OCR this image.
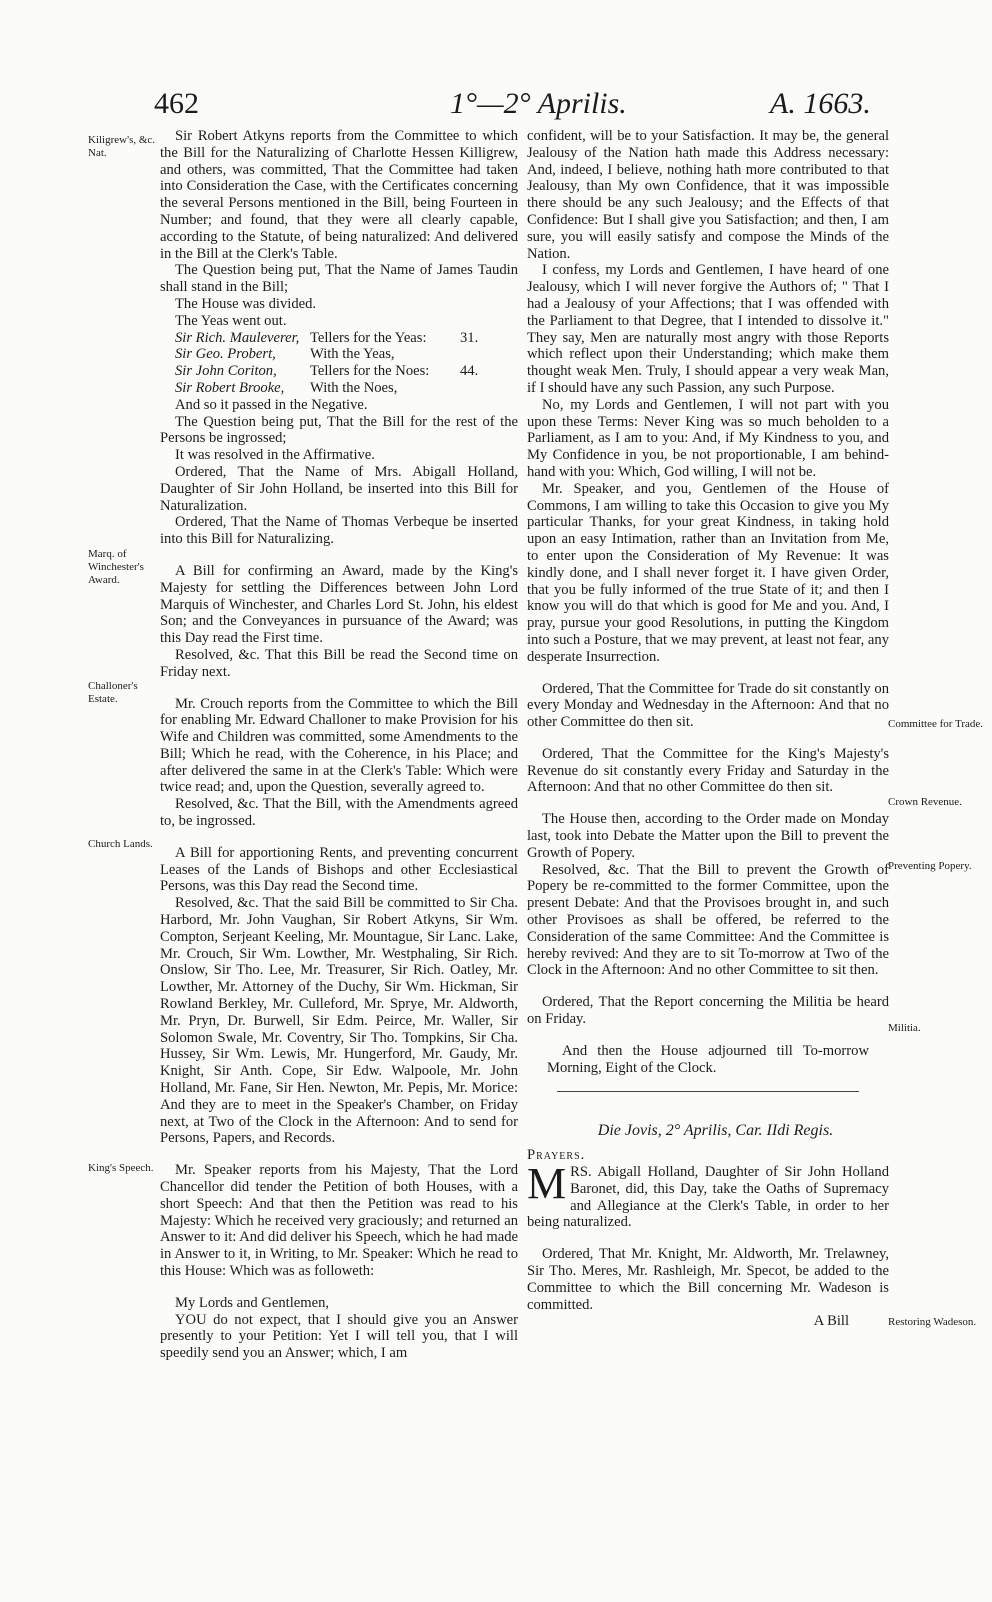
462	1°—2° Aprilis.	A. 1663.
Kiligrew's, &c. Nat.
Marq. of Winchester's Award.
Challoner's Estate.
Church Lands.
King's Speech.
Committee for Trade.
Crown Revenue.
Preventing Popery.
Militia.
Restoring Wadeson.

Sir Robert Atkyns reports from the Committee to which the Bill for the Naturalizing of Charlotte Hessen Killigrew, and others, was committed, That the Committee had taken into Consideration the Case, with the Certificates concerning the several Persons mentioned in the Bill, being Fourteen in Number; and found, that they were all clearly capable, according to the Statute, of being naturalized: And delivered in the Bill at the Clerk's Table.

The Question being put, That the Name of James Taudin shall stand in the Bill;

The House was divided.

The Yeas went out.

Sir Rich. Mauleverer, Tellers for the Yeas:	31.
Sir Geo. Probert,	With the Yeas,
Sir John Coriton,	Tellers for the Noes:	44.
Sir Robert Brooke,	With the Noes,

And so it passed in the Negative.

The Question being put, That the Bill for the rest of the Persons be ingrossed;

It was resolved in the Affirmative.

Ordered, That the Name of Mrs. Abigall Holland, Daughter of Sir John Holland, be inserted into this Bill for Naturalization.

Ordered, That the Name of Thomas Verbeque be inserted into this Bill for Naturalizing.

A Bill for confirming an Award, made by the King's Majesty for settling the Differences between John Lord Marquis of Winchester, and Charles Lord St. John, his eldest Son; and the Conveyances in pursuance of the Award; was this Day read the First time.

Resolved, &c. That this Bill be read the Second time on Friday next.

Mr. Crouch reports from the Committee to which the Bill for enabling Mr. Edward Challoner to make Provision for his Wife and Children was committed, some Amendments to the Bill; Which he read, with the Coherence, in his Place; and after delivered the same in at the Clerk's Table: Which were twice read; and, upon the Question, severally agreed to.

Resolved, &c. That the Bill, with the Amendments agreed to, be ingrossed.

A Bill for apportioning Rents, and preventing concurrent Leases of the Lands of Bishops and other Ecclesiastical Persons, was this Day read the Second time.

Resolved, &c. That the said Bill be committed to Sir Cha. Harbord, Mr. John Vaughan, Sir Robert Atkyns, Sir Wm. Compton, Serjeant Keeling, Mr. Mountague, Sir Lanc. Lake, Mr. Crouch, Sir Wm. Lowther, Mr. Westphaling, Sir Rich. Onslow, Sir Tho. Lee, Mr. Treasurer, Sir Rich. Oatley, Mr. Lowther, Mr. Attorney of the Duchy, Sir Wm. Hickman, Sir Rowland Berkley, Mr. Culleford, Mr. Sprye, Mr. Aldworth, Mr. Pryn, Dr. Burwell, Sir Edm. Peirce, Mr. Waller, Sir Solomon Swale, Mr. Coventry, Sir Tho. Tompkins, Sir Cha. Hussey, Sir Wm. Lewis, Mr. Hungerford, Mr. Gaudy, Mr. Knight, Sir Anth. Cope, Sir Edw. Walpoole, Mr. John Holland, Mr. Fane, Sir Hen. Newton, Mr. Pepis, Mr. Morice: And they are to meet in the Speaker's Chamber, on Friday next, at Two of the Clock in the Afternoon: And to send for Persons, Papers, and Records.

Mr. Speaker reports from his Majesty, That the Lord Chancellor did tender the Petition of both Houses, with a short Speech: And that then the Petition was read to his Majesty: Which he received very graciously; and returned an Answer to it: And did deliver his Speech, which he had made in Answer to it, in Writing, to Mr. Speaker: Which he read to this House: Which was as followeth:

My Lords and Gentlemen,

YOU do not expect, that I should give you an Answer presently to your Petition: Yet I will tell you, that I will speedily send you an Answer; which, I am

confident, will be to your Satisfaction. It may be, the general Jealousy of the Nation hath made this Address necessary: And, indeed, I believe, nothing hath more contributed to that Jealousy, than My own Confidence, that it was impossible there should be any such Jealousy; and the Effects of that Confidence: But I shall give you Satisfaction; and then, I am sure, you will easily satisfy and compose the Minds of the Nation.

I confess, my Lords and Gentlemen, I have heard of one Jealousy, which I will never forgive the Authors of; " That I had a Jealousy of your Affections; that I was offended with the Parliament to that Degree, that I intended to dissolve it." They say, Men are naturally most angry with those Reports which reflect upon their Understanding; which make them thought weak Men. Truly, I should appear a very weak Man, if I should have any such Passion, any such Purpose.

No, my Lords and Gentlemen, I will not part with you upon these Terms: Never King was so much beholden to a Parliament, as I am to you: And, if My Kindness to you, and My Confidence in you, be not proportionable, I am behind-hand with you: Which, God willing, I will not be.

Mr. Speaker, and you, Gentlemen of the House of Commons, I am willing to take this Occasion to give you My particular Thanks, for your great Kindness, in taking hold upon an easy Intimation, rather than an Invitation from Me, to enter upon the Consideration of My Revenue: It was kindly done, and I shall never forget it. I have given Order, that you be fully informed of the true State of it; and then I know you will do that which is good for Me and you. And, I pray, pursue your good Resolutions, in putting the Kingdom into such a Posture, that we may prevent, at least not fear, any desperate Insurrection.

Ordered, That the Committee for Trade do sit constantly on every Monday and Wednesday in the Afternoon: And that no other Committee do then sit.

Ordered, That the Committee for the King's Majesty's Revenue do sit constantly every Friday and Saturday in the Afternoon: And that no other Committee do then sit.

The House then, according to the Order made on Monday last, took into Debate the Matter upon the Bill to prevent the Growth of Popery.

Resolved, &c. That the Bill to prevent the Growth of Popery be re-committed to the former Committee, upon the present Debate: And that the Provisoes brought in, and such other Provisoes as shall be offered, be referred to the Consideration of the same Committee: And the Committee is hereby revived: And they are to sit To-morrow at Two of the Clock in the Afternoon: And no other Committee to sit then.

Ordered, That the Report concerning the Militia be heard on Friday.

And then the House adjourned till To-morrow Morning, Eight of the Clock.

Die Jovis, 2° Aprilis, Car. IIdi Regis.

Prayers.

MRS. Abigall Holland, Daughter of Sir John Holland Baronet, did, this Day, take the Oaths of Supremacy and Allegiance at the Clerk's Table, in order to her being naturalized.

Ordered, That Mr. Knight, Mr. Aldworth, Mr. Trelawney, Sir Tho. Meres, Mr. Rashleigh, Mr. Specot, be added to the Committee to which the Bill concerning Mr. Wadeson is committed.

A Bill
